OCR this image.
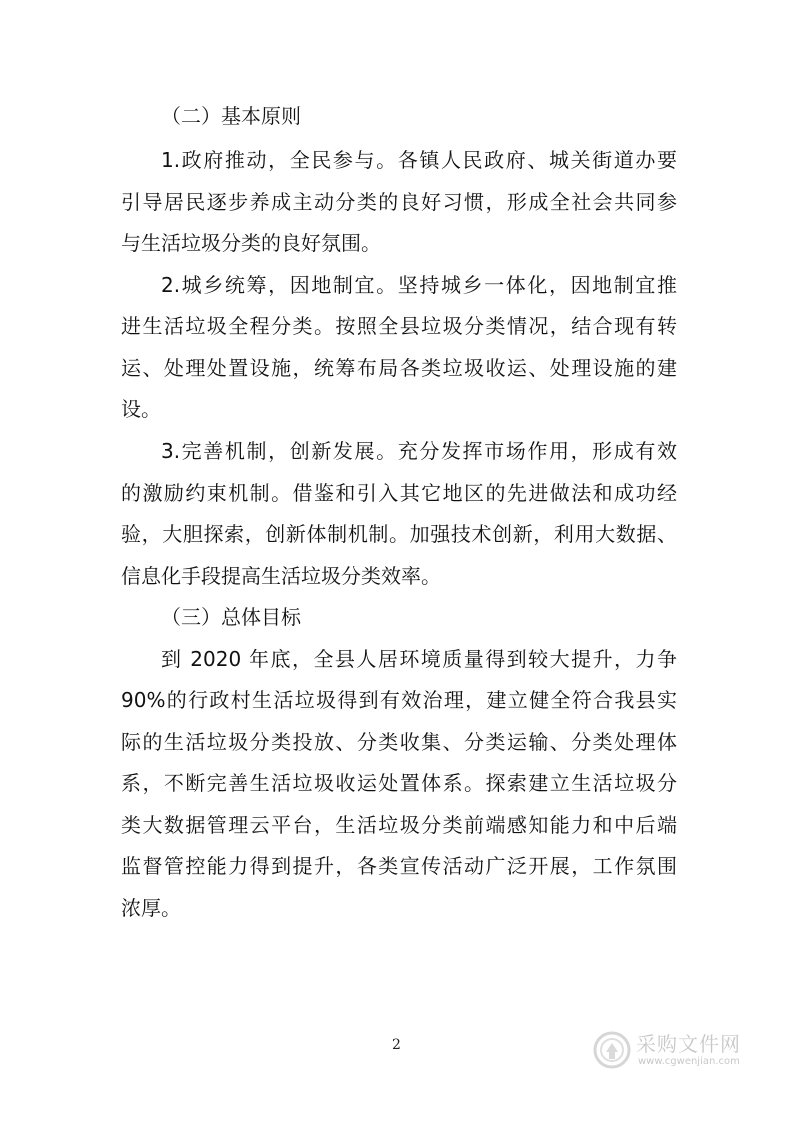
（二）基本原则
1.政府推动，全民参与。各镇人民政府、城关街道办要
引导居民逐步养成主动分类的良好习惯，形成全社会共同参
与生活垃圾分类的良好氛围。
2.城乡统筹，因地制宜。坚持城乡一体化，因地制宜推
进生活垃圾全程分类。按照全县垃圾分类情况，结合现有转
运、处理处置设施，统筹布局各类垃圾收运、处理设施的建
设。
3.完善机制，创新发展。充分发挥市场作用，形成有效
的激励约束机制。借鉴和引入其它地区的先进做法和成功经
验，大胆探索，创新体制机制。加强技术创新，利用大数据、
信息化手段提高生活垃圾分类效率。
（三）总体目标
到 2020 年底，全县人居环境质量得到较大提升，力争
90%的行政村生活垃圾得到有效治理，建立健全符合我县实
际的生活垃圾分类投放、分类收集、分类运输、分类处理体
系，不断完善生活垃圾收运处置体系。探索建立生活垃圾分
类大数据管理云平台，生活垃圾分类前端感知能力和中后端
监督管控能力得到提升，各类宣传活动广泛开展，工作氛围
浓厚。
2	采购文件网
www.cgwenjian.com
